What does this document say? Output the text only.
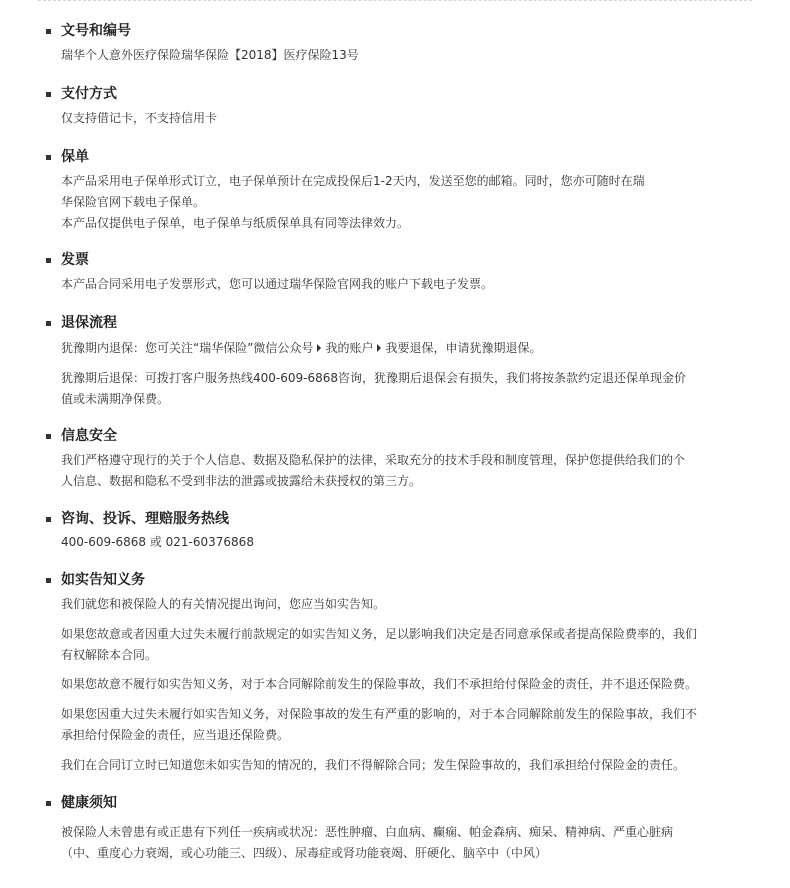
文号和编号
瑞华个人意外医疗保险瑞华保险【2018】医疗保险13号
支付方式
仅支持借记卡，不支持信用卡
保单
本产品采用电子保单形式订立，电子保单预计在完成投保后1-2天内，发送至您的邮箱。同时，您亦可随时在瑞
华保险官网下载电子保单。
本产品仅提供电子保单，电子保单与纸质保单具有同等法律效力。
发票
本产品合同采用电子发票形式，您可以通过瑞华保险官网我的账户下载电子发票。
退保流程
犹豫期内退保：您可关注“瑞华保险”微信公众号 我的账户 我要退保，申请犹豫期退保。
犹豫期后退保：可拨打客户服务热线400-609-6868咨询，犹豫期后退保会有损失，我们将按条款约定退还保单现金价
值或未满期净保费。
信息安全
我们严格遵守现行的关于个人信息、数据及隐私保护的法律，采取充分的技术手段和制度管理，保护您提供给我们的个
人信息、数据和隐私不受到非法的泄露或披露给未获授权的第三方。
咨询、投诉、理赔服务热线
400-609-6868 或 021-60376868
如实告知义务
我们就您和被保险人的有关情况提出询问，您应当如实告知。
如果您故意或者因重大过失未履行前款规定的如实告知义务，足以影响我们决定是否同意承保或者提高保险费率的，我们
有权解除本合同。
如果您故意不履行如实告知义务，对于本合同解除前发生的保险事故，我们不承担给付保险金的责任，并不退还保险费。
如果您因重大过失未履行如实告知义务，对保险事故的发生有严重的影响的，对于本合同解除前发生的保险事故，我们不
承担给付保险金的责任，应当退还保险费。
我们在合同订立时已知道您未如实告知的情况的，我们不得解除合同；发生保险事故的，我们承担给付保险金的责任。
健康须知
被保险人未曾患有或正患有下列任一疾病或状况：恶性肿瘤、白血病、癫痫、帕金森病、痴呆、精神病、严重心脏病
（中、重度心力衰竭，或心功能三、四级）、尿毒症或肾功能衰竭、肝硬化、脑卒中（中风）
